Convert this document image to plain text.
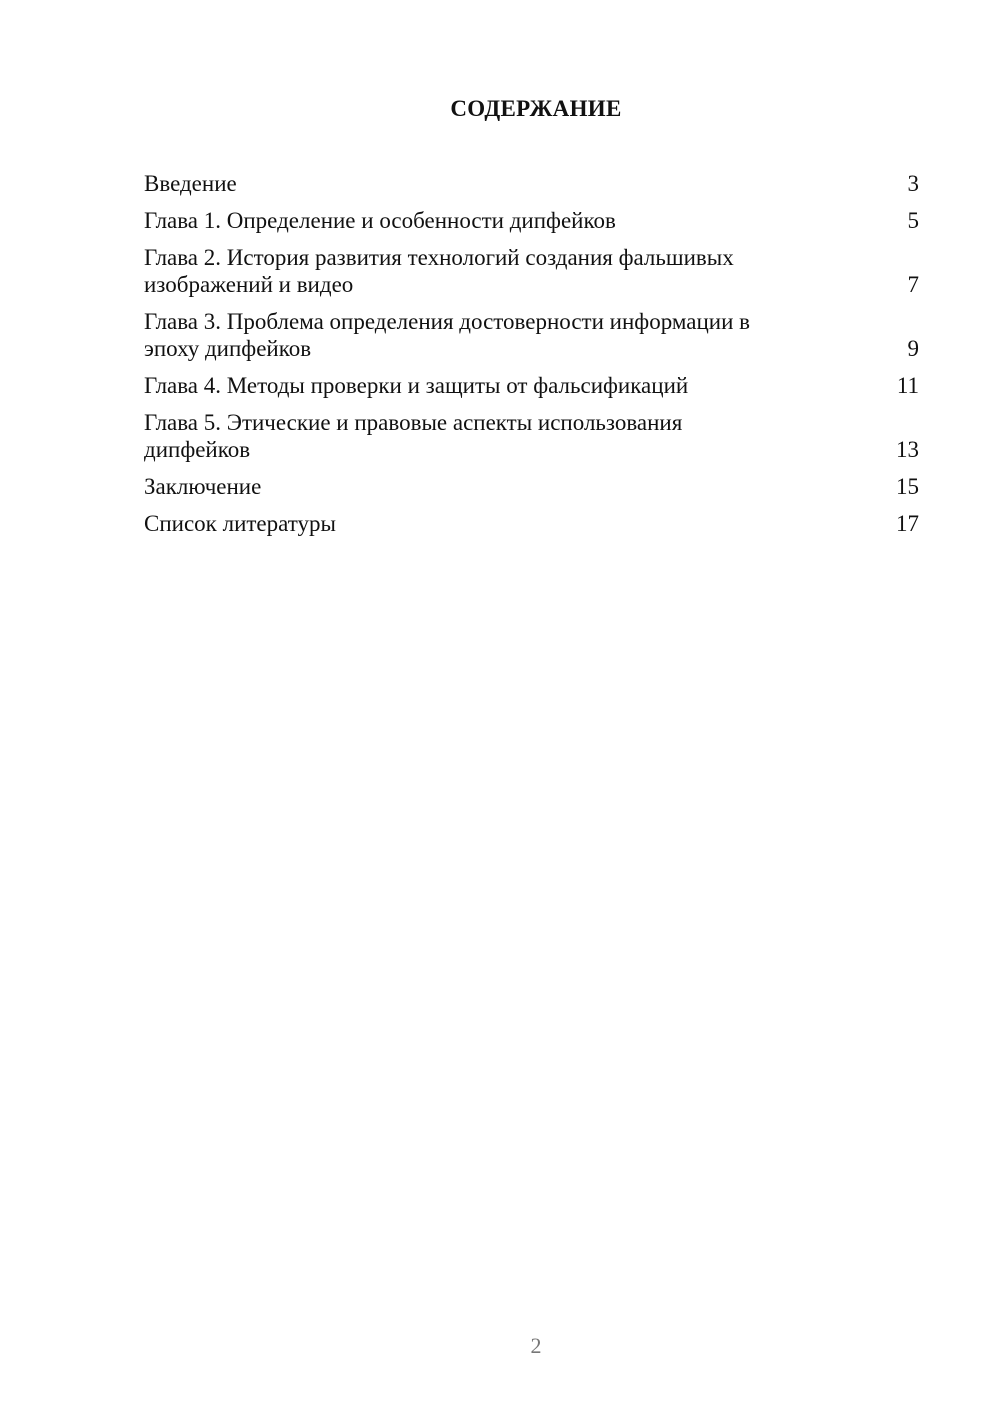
СОДЕРЖАНИЕ
Введение	3
Глава 1. Определение и особенности дипфейков	5
Глава 2. История развития технологий создания фальшивых
изображений и видео	7
Глава 3. Проблема определения достоверности информации в
эпоху дипфейков	9
Глава 4. Методы проверки и защиты от фальсификаций	11
Глава 5. Этические и правовые аспекты использования
дипфейков	13
Заключение	15
Список литературы	17
2
